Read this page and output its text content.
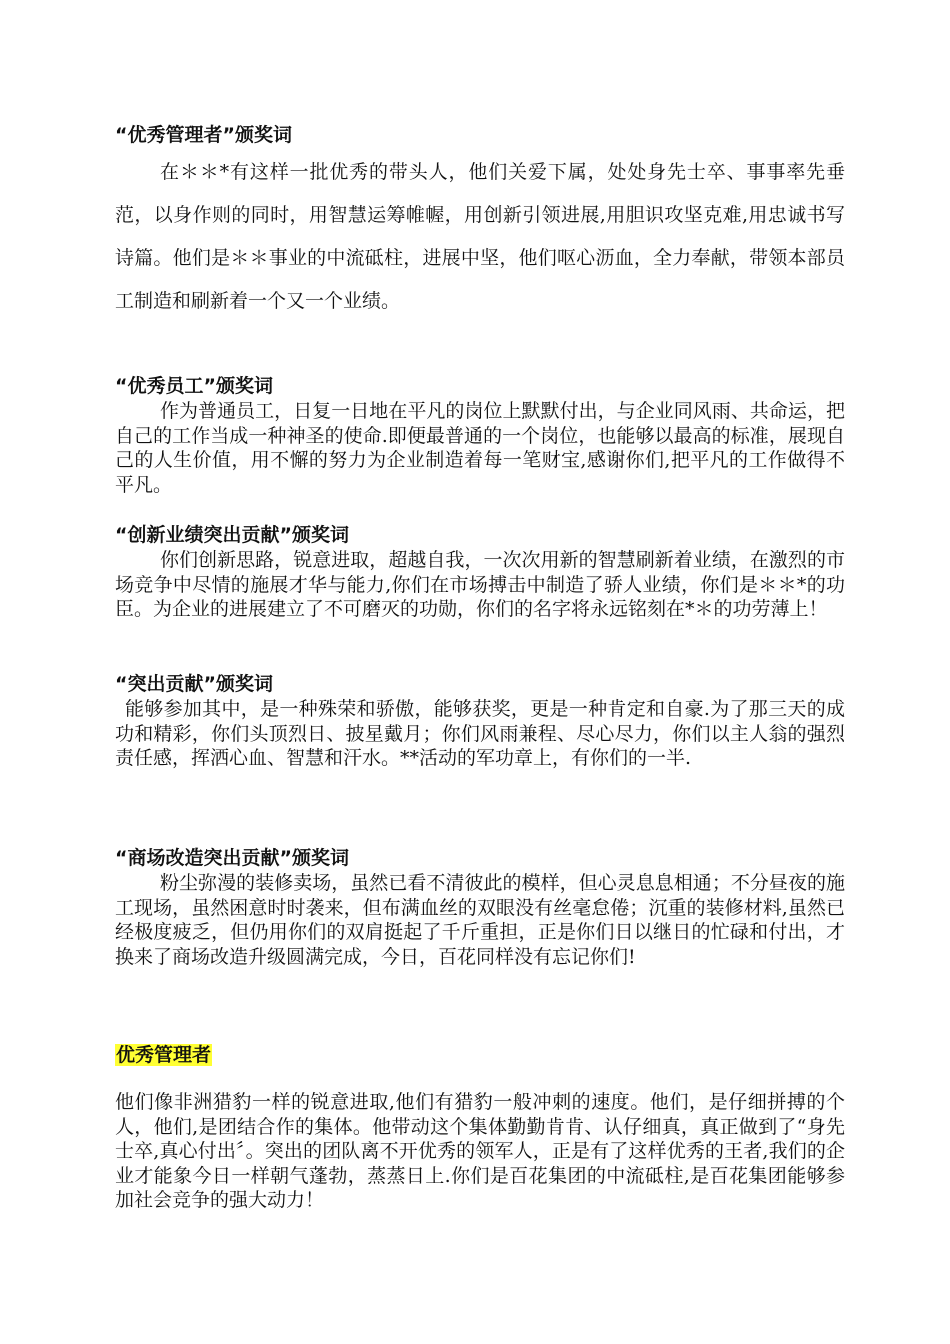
“优秀管理者”颁奖词
在＊＊*有这样一批优秀的带头人，他们关爱下属，处处身先士卒、事事率先垂范，以身作则的同时，用智慧运筹帷幄，用创新引领进展,用胆识攻坚克难,用忠诚书写诗篇。他们是＊＊事业的中流砥柱，进展中坚，他们呕心沥血，全力奉献，带领本部员工制造和刷新着一个又一个业绩。
“优秀员工”颁奖词
作为普通员工，日复一日地在平凡的岗位上默默付出，与企业同风雨、共命运，把自己的工作当成一种神圣的使命.即便最普通的一个岗位，也能够以最高的标准，展现自己的人生价值，用不懈的努力为企业制造着每一笔财宝,感谢你们,把平凡的工作做得不平凡。
“创新业绩突出贡献”颁奖词
你们创新思路，锐意进取，超越自我，一次次用新的智慧刷新着业绩，在激烈的市场竞争中尽情的施展才华与能力,你们在市场搏击中制造了骄人业绩，你们是＊＊*的功臣。为企业的进展建立了不可磨灭的功勋，你们的名字将永远铭刻在*＊的功劳薄上！
“突出贡献”颁奖词
能够参加其中，是一种殊荣和骄傲，能够获奖，更是一种肯定和自豪.为了那三天的成功和精彩，你们头顶烈日、披星戴月；你们风雨兼程、尽心尽力，你们以主人翁的强烈责任感，挥洒心血、智慧和汗水。**活动的军功章上，有你们的一半.
“商场改造突出贡献”颁奖词
粉尘弥漫的装修卖场，虽然已看不清彼此的模样，但心灵息息相通；不分昼夜的施工现场，虽然困意时时袭来，但布满血丝的双眼没有丝毫怠倦；沉重的装修材料,虽然已经极度疲乏，但仍用你们的双肩挺起了千斤重担，正是你们日以继日的忙碌和付出，才换来了商场改造升级圆满完成，今日，百花同样没有忘记你们!
优秀管理者
他们像非洲猎豹一样的锐意进取,他们有猎豹一般冲刺的速度。他们，是仔细拼搏的个人，他们,是团结合作的集体。他带动这个集体勤勤肯肯、认仔细真，真正做到了“身先士卒,真心付出〞。突出的团队离不开优秀的领军人，正是有了这样优秀的王者,我们的企业才能象今日一样朝气蓬勃，蒸蒸日上.你们是百花集团的中流砥柱,是百花集团能够参加社会竞争的强大动力！
